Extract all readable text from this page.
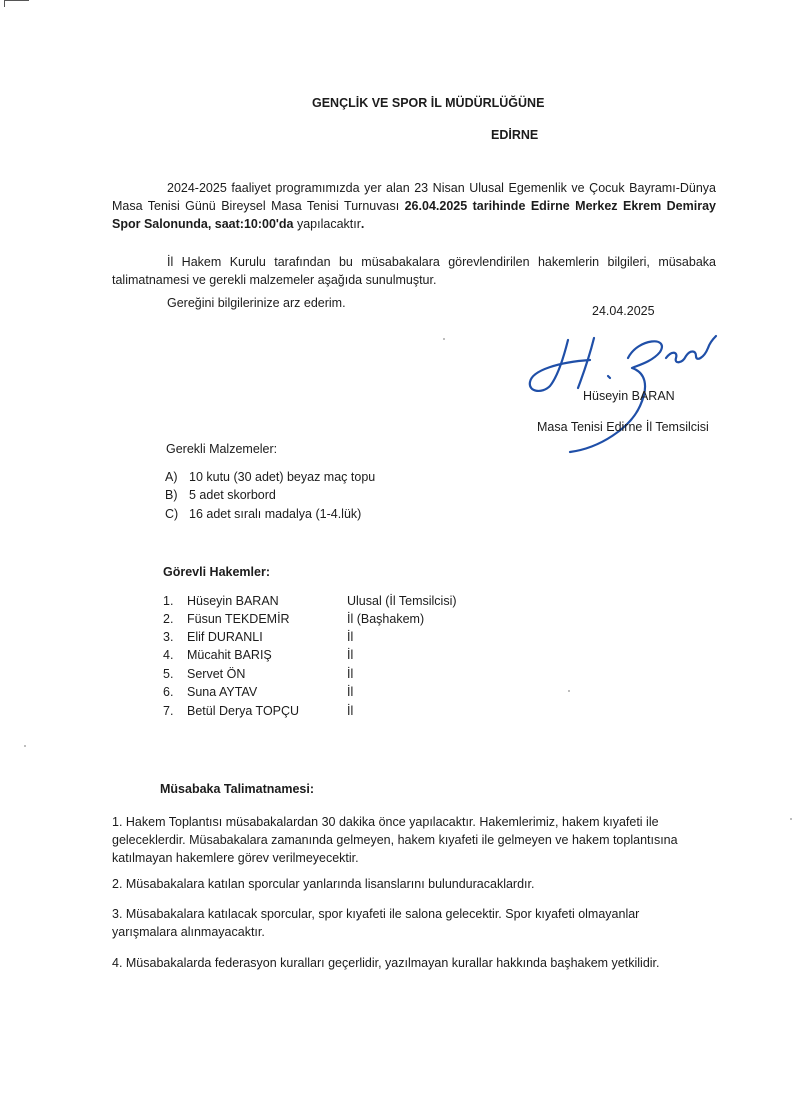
GENÇLİK VE SPOR İL MÜDÜRLÜĞÜNE
EDİRNE
2024-2025 faaliyet programımızda yer alan 23 Nisan Ulusal Egemenlik ve Çocuk Bayramı-Dünya Masa Tenisi Günü Bireysel Masa Tenisi Turnuvası 26.04.2025 tarihinde Edirne Merkez Ekrem Demiray Spor Salonunda, saat:10:00'da yapılacaktır.
İl Hakem Kurulu tarafından bu müsabakalara görevlendirilen hakemlerin bilgileri, müsabaka talimatnamesi ve gerekli malzemeler aşağıda sunulmuştur.
Gereğini bilgilerinize arz ederim.
24.04.2025
Hüseyin BARAN
Masa Tenisi Edirne İl Temsilcisi
Gerekli Malzemeler:
A) 10 kutu (30 adet) beyaz maç topu
B) 5 adet skorbord
C) 16 adet sıralı madalya (1-4.lük)
Görevli Hakemler:
1. Hüseyin BARAN	Ulusal (İl Temsilcisi)
2. Füsun TEKDEMİR	İl (Başhakem)
3. Elif DURANLI	İl
4. Mücahit BARIŞ	İl
5. Servet ÖN	İl
6. Suna AYTAV	İl
7. Betül Derya TOPÇU	İl
Müsabaka Talimatnamesi:
1. Hakem Toplantısı müsabakalardan 30 dakika önce yapılacaktır. Hakemlerimiz, hakem kıyafeti ile geleceklerdir. Müsabakalara zamanında gelmeyen, hakem kıyafeti ile gelmeyen ve hakem toplantısına katılmayan hakemlere görev verilmeyecektir.
2. Müsabakalara katılan sporcular yanlarında lisanslarını bulunduracaklardır.
3. Müsabakalara katılacak sporcular, spor kıyafeti ile salona gelecektir. Spor kıyafeti olmayanlar yarışmalara alınmayacaktır.
4. Müsabakalarda federasyon kuralları geçerlidir, yazılmayan kurallar hakkında başhakem yetkilidir.
